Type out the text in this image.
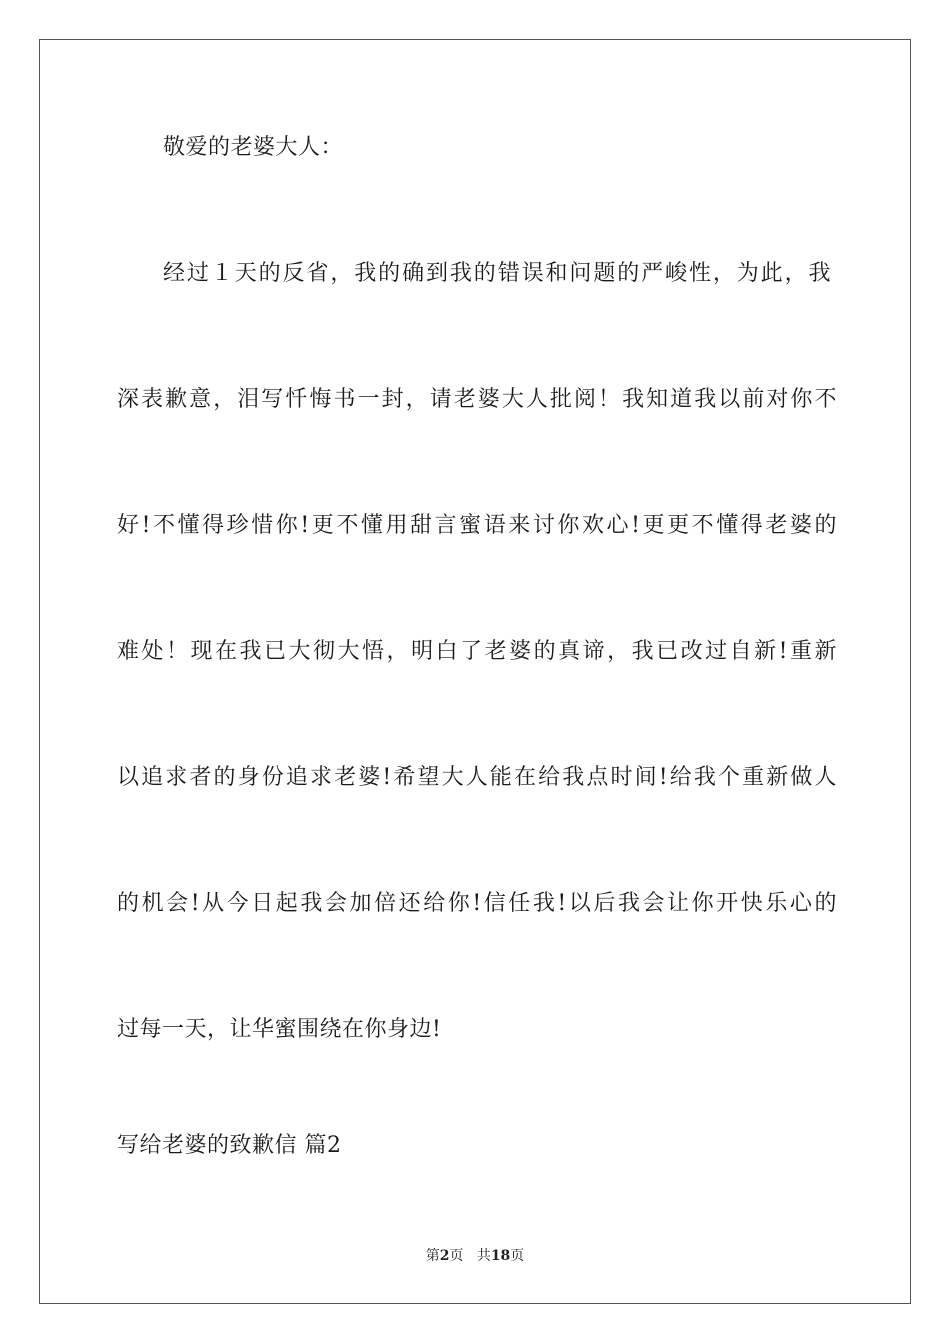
敬爱的老婆大人：
经过１天的反省，我的确到我的错误和问题的严峻性，为此，我
深表歉意，泪写忏悔书一封，请老婆大人批阅！我知道我以前对你不
好!不懂得珍惜你!更不懂用甜言蜜语来讨你欢心!更更不懂得老婆的
难处！现在我已大彻大悟，明白了老婆的真谛，我已改过自新!重新
以追求者的身份追求老婆!希望大人能在给我点时间!给我个重新做人
的机会!从今日起我会加倍还给你!信任我!以后我会让你开快乐心的
过每一天，让华蜜围绕在你身边!
写给老婆的致歉信 篇2
第2页 共18页
